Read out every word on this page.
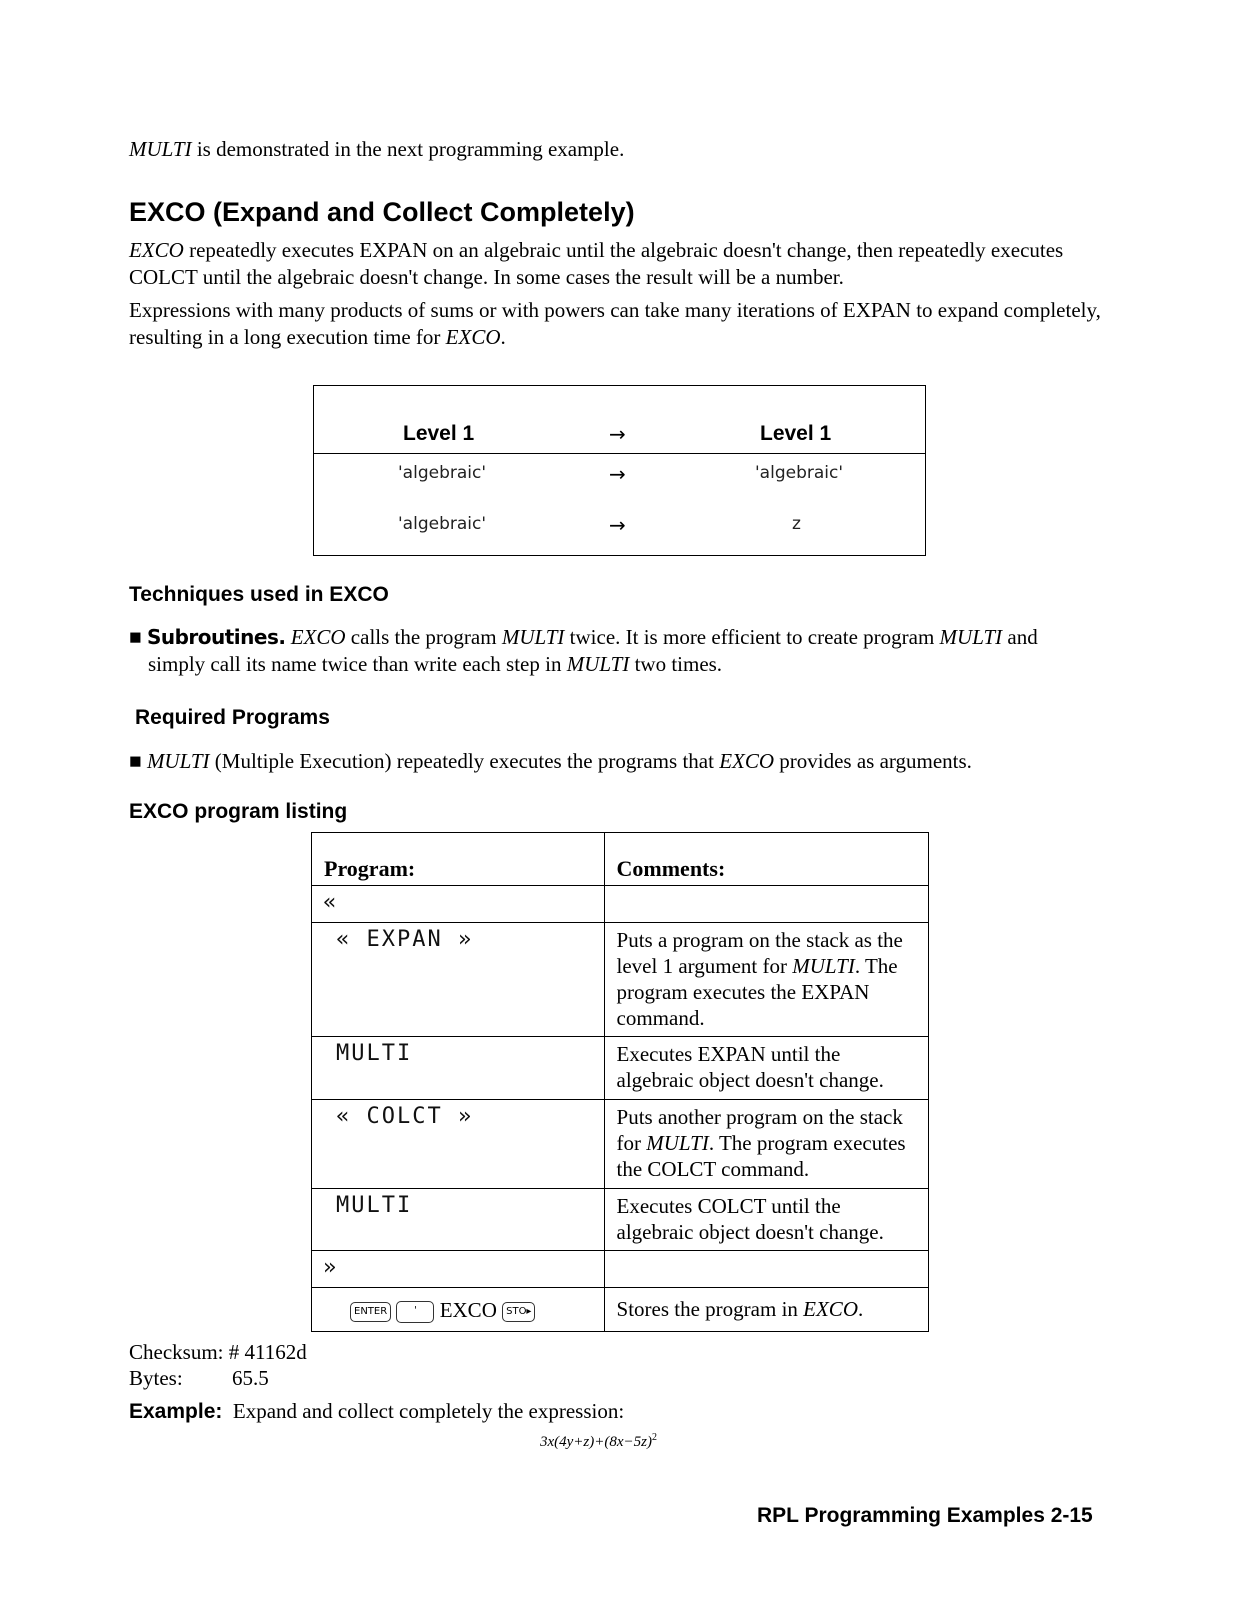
MULTI is demonstrated in the next programming example.
EXCO (Expand and Collect Completely)
EXCO repeatedly executes EXPAN on an algebraic until the algebraic doesn't change, then repeatedly executes COLCT until the algebraic doesn't change. In some cases the result will be a number.
Expressions with many products of sums or with powers can take many iterations of EXPAN to expand completely, resulting in a long execution time for EXCO.
Level 1	→	Level 1
'algebraic'	→	'algebraic'
'algebraic'	→	z
Techniques used in EXCO
■ Subroutines. EXCO calls the program MULTI twice. It is more efficient to create program MULTI and
simply call its name twice than write each step in MULTI two times.
Required Programs
■ MULTI (Multiple Execution) repeatedly executes the programs that EXCO provides as arguments.
EXCO program listing
Program:	Comments:
«	
« EXPAN »	Puts a program on the stack as the level 1 argument for MULTI. The program executes the EXPAN command.
MULTI	Executes EXPAN until the algebraic object doesn't change.
« COLCT »	Puts another program on the stack for MULTI. The program executes the COLCT command.
MULTI	Executes COLCT until the algebraic object doesn't change.
»	
ENTER ' EXCO STO▸	Stores the program in EXCO.
Checksum: # 41162d
Bytes: 65.5
Example: Expand and collect completely the expression:
$3x(4y+z)+(8x-5z)^2$
RPL Programming Examples 2-15
